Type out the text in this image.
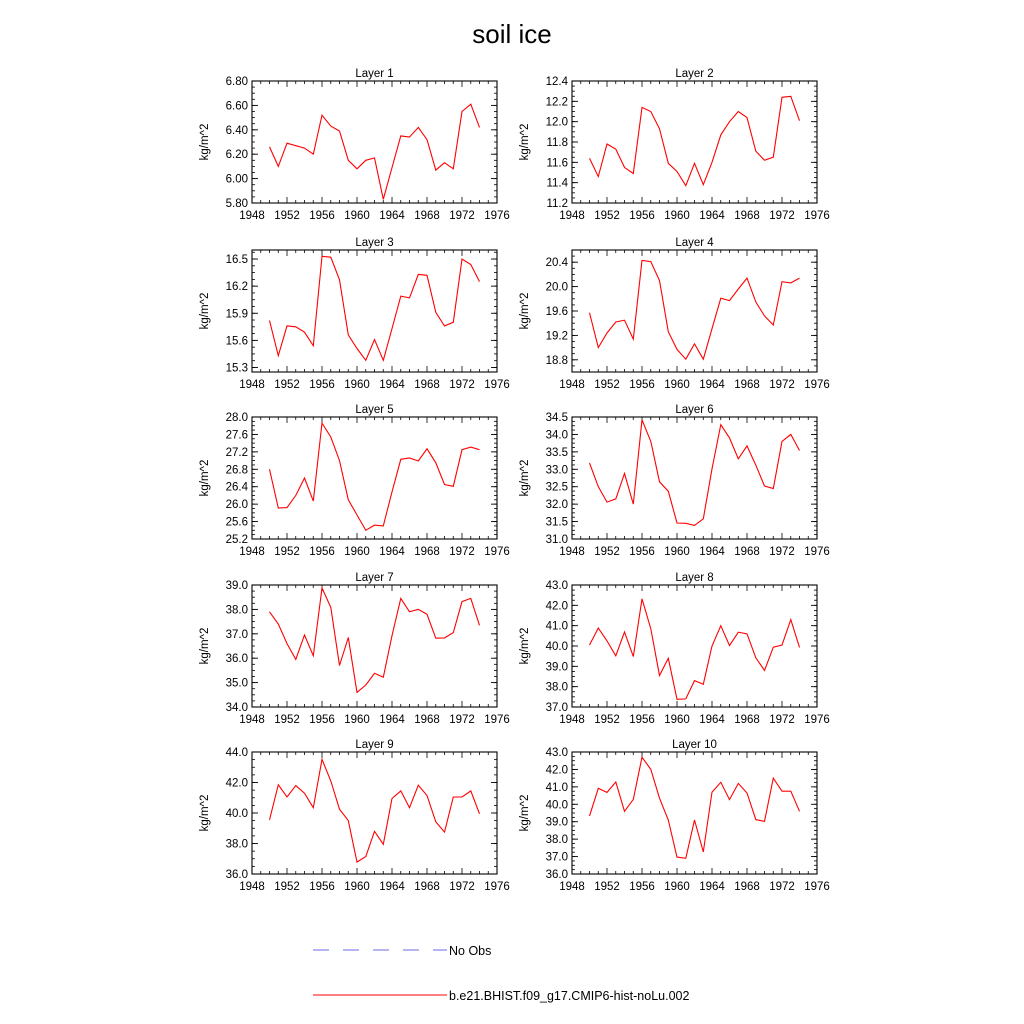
soil ice
Layer 1
kg/m^2
1948 1952 1956 1960 1964 1968 1972 1976
5.80
6.00
6.20
6.40
6.60
6.80
Layer 2
kg/m^2
1948 1952 1956 1960 1964 1968 1972 1976
11.2
11.4
11.6
11.8
12.0
12.2
12.4
Layer 3
kg/m^2
1948 1952 1956 1960 1964 1968 1972 1976
15.3
15.6
15.9
16.2
16.5
Layer 4
kg/m^2
1948 1952 1956 1960 1964 1968 1972 1976
18.8
19.2
19.6
20.0
20.4
Layer 5
kg/m^2
1948 1952 1956 1960 1964 1968 1972 1976
25.2
25.6
26.0
26.4
26.8
27.2
27.6
28.0
Layer 6
kg/m^2
1948 1952 1956 1960 1964 1968 1972 1976
31.0
31.5
32.0
32.5
33.0
33.5
34.0
34.5
Layer 7
kg/m^2
1948 1952 1956 1960 1964 1968 1972 1976
34.0
35.0
36.0
37.0
38.0
39.0
Layer 8
kg/m^2
1948 1952 1956 1960 1964 1968 1972 1976
37.0
38.0
39.0
40.0
41.0
42.0
43.0
Layer 9
kg/m^2
1948 1952 1956 1960 1964 1968 1972 1976
36.0
38.0
40.0
42.0
44.0
Layer 10
kg/m^2
1948 1952 1956 1960 1964 1968 1972 1976
36.0
37.0
38.0
39.0
40.0
41.0
42.0
43.0
No Obs
b.e21.BHIST.f09_g17.CMIP6-hist-noLu.002
